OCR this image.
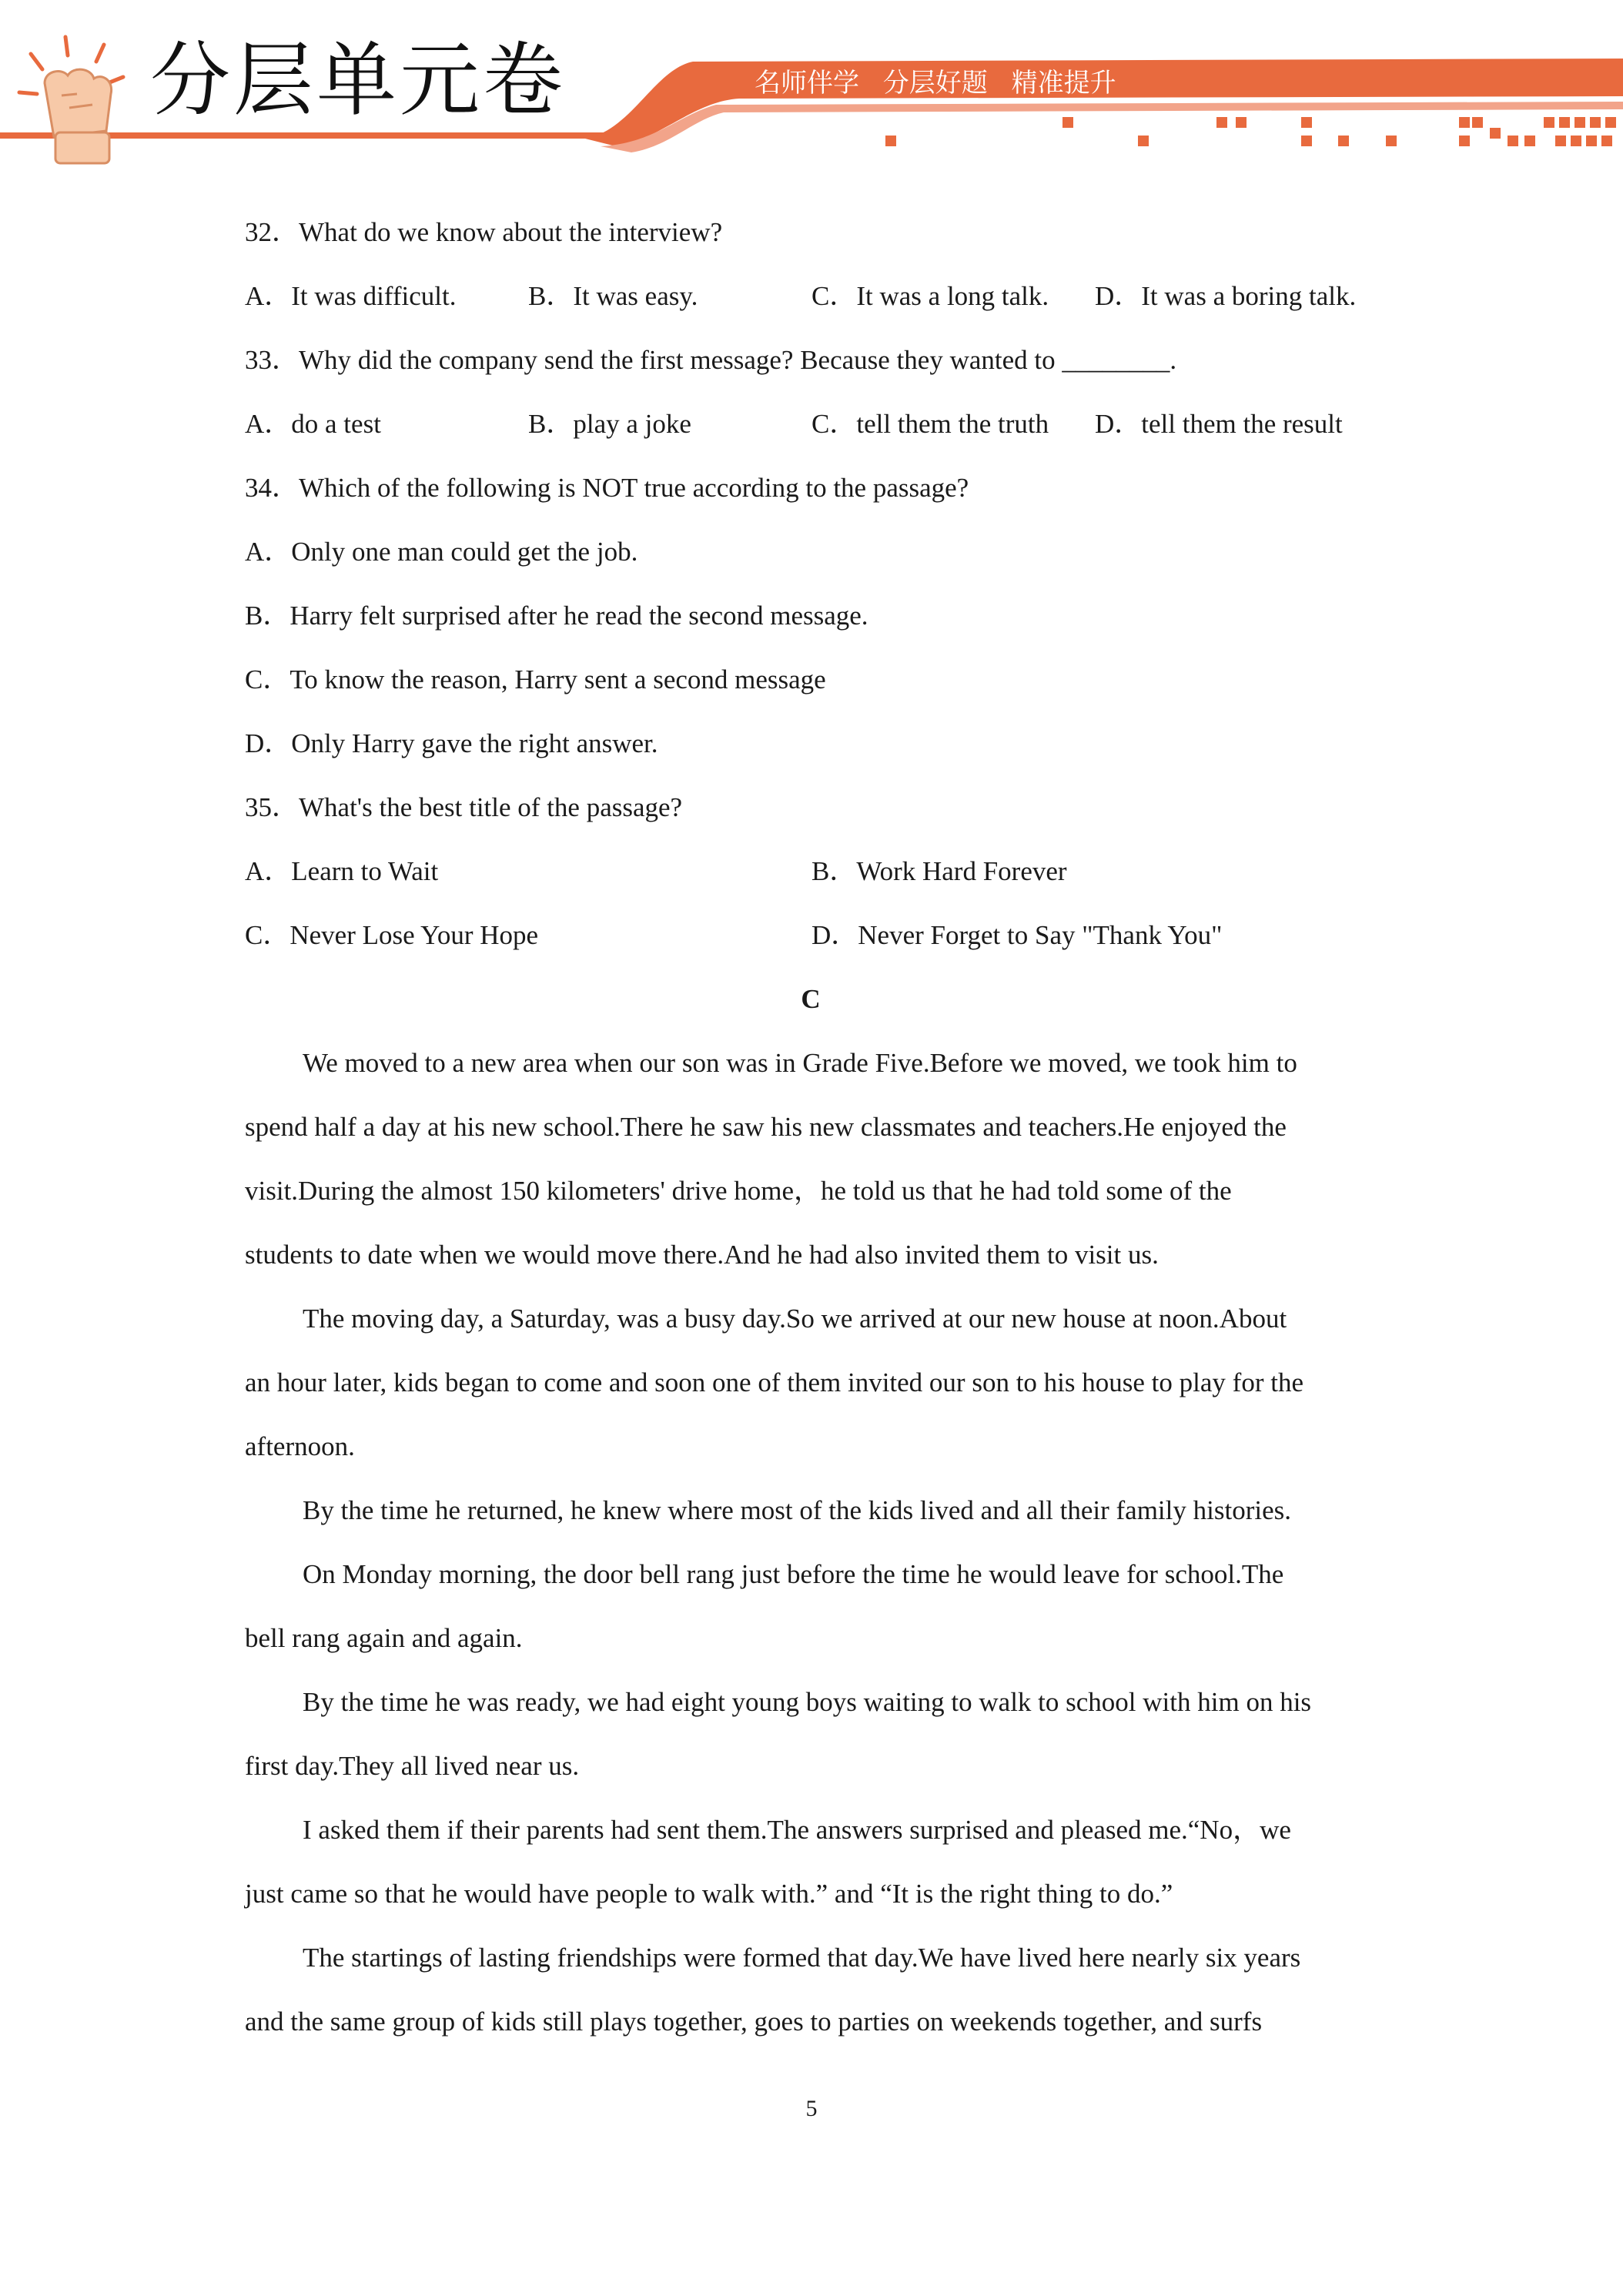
分层单元卷	名师伴学 分层好题 精准提升
32．What do we know about the interview?
A．It was difficult.	B．It was easy.	C．It was a long talk. D．It was a boring talk.
33．Why did the company send the first message? Because they wanted to ________.
A．do a test	B．play a joke	C．tell them the truth D．tell them the result
34．Which of the following is NOT true according to the passage?
A．Only one man could get the job.
B．Harry felt surprised after he read the second message.
C．To know the reason, Harry sent a second message
D．Only Harry gave the right answer.
35．What's the best title of the passage?
A．Learn to Wait	B．Work Hard Forever
C．Never Lose Your Hope	D．Never Forget to Say "Thank You"
C
We moved to a new area when our son was in Grade Five.Before we moved, we took him to
spend half a day at his new school.There he saw his new classmates and teachers.He enjoyed the
visit.During the almost 150 kilometers' drive home，he told us that he had told some of the
students to date when we would move there.And he had also invited them to visit us.
The moving day, a Saturday, was a busy day.So we arrived at our new house at noon.About
an hour later, kids began to come and soon one of them invited our son to his house to play for the
afternoon.
By the time he returned, he knew where most of the kids lived and all their family histories.
On Monday morning, the door bell rang just before the time he would leave for school.The
bell rang again and again.
By the time he was ready, we had eight young boys waiting to walk to school with him on his
first day.They all lived near us.
I asked them if their parents had sent them.The answers surprised and pleased me.“No，we
just came so that he would have people to walk with.” and “It is the right thing to do.”
The startings of lasting friendships were formed that day.We have lived here nearly six years
and the same group of kids still plays together, goes to parties on weekends together, and surfs
5
